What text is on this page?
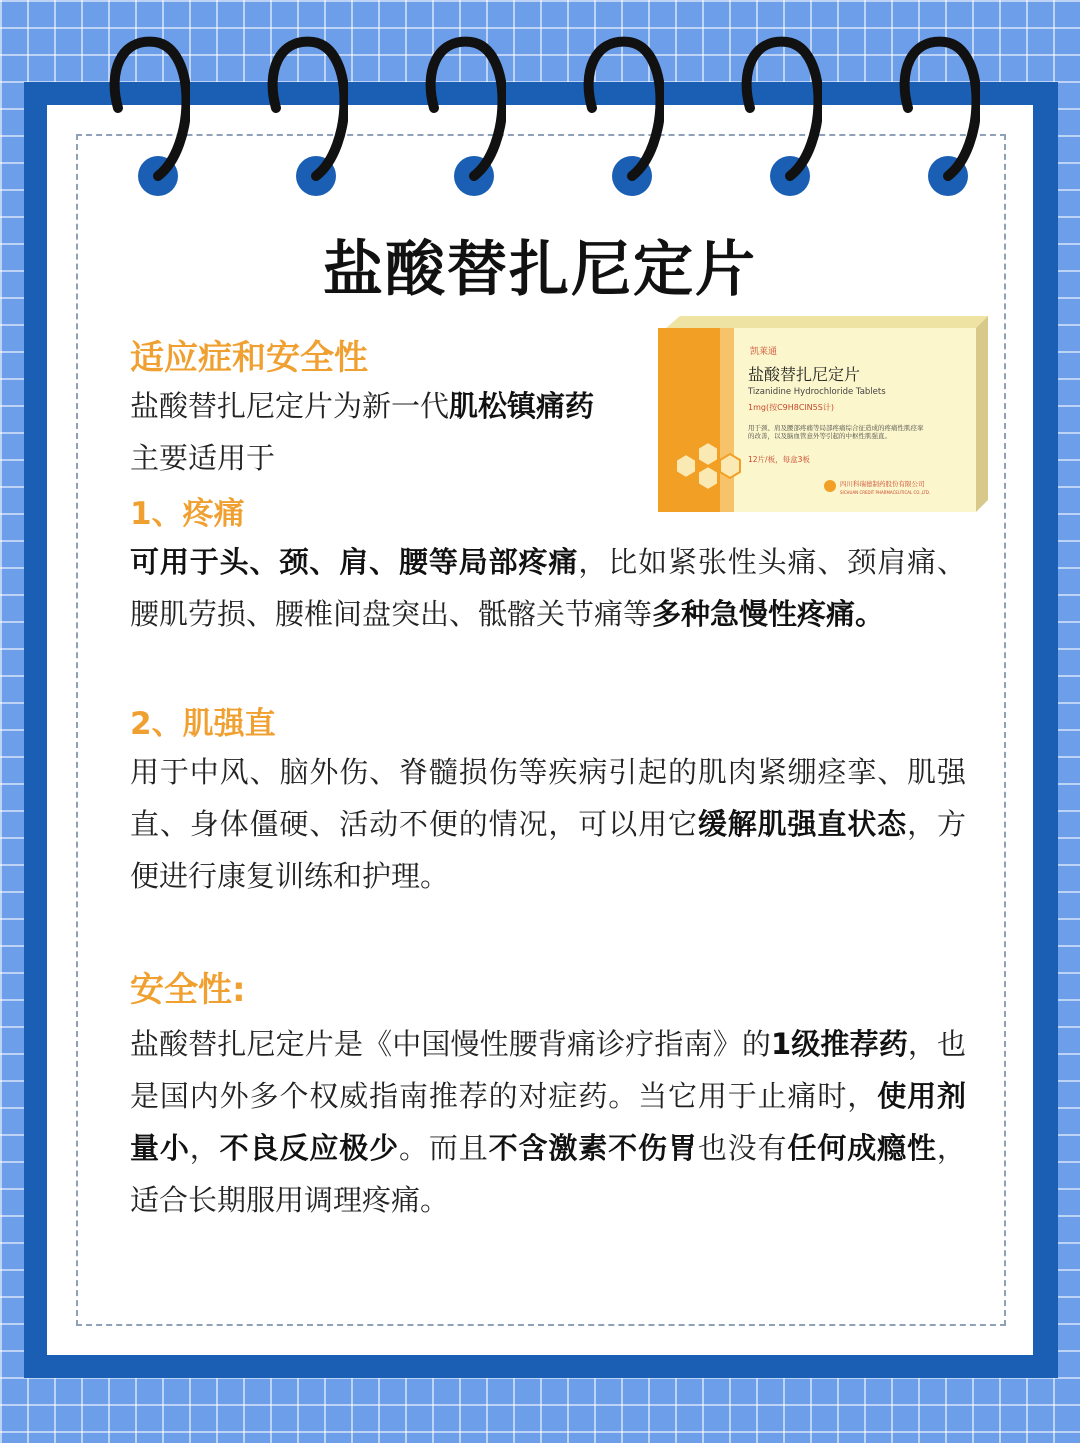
盐酸替扎尼定片
适应症和安全性
盐酸替扎尼定片为新一代肌松镇痛药
主要适用于
1、疼痛
可用于头、颈、肩、腰等局部疼痛，比如紧张性头痛、颈肩痛、腰肌劳损、腰椎间盘突出、骶髂关节痛等多种急慢性疼痛。
2、肌强直
用于中风、脑外伤、脊髓损伤等疾病引起的肌肉紧绷痉挛、肌强直、身体僵硬、活动不便的情况，可以用它缓解肌强直状态，方便进行康复训练和护理。
安全性:
盐酸替扎尼定片是《中国慢性腰背痛诊疗指南》的1级推荐药，也是国内外多个权威指南推荐的对症药。当它用于止痛时，使用剂量小，不良反应极少。而且不含激素不伤胃也没有任何成瘾性，适合长期服用调理疼痛。
凯莱通
盐酸替扎尼定片
Tizanidine Hydrochloride Tablets
1mg(按C9H8ClN5S计)
用于颈、肩及腰部疼痛等局部疼痛综合征造成的疼痛性肌痉挛
的改善，以及脑血管意外等引起的中枢性肌强直。
12片/板，每盒3板
四川科瑞德制药股份有限公司
SICHUAN CREDIT PHARMACEUTICAL CO.,LTD.
